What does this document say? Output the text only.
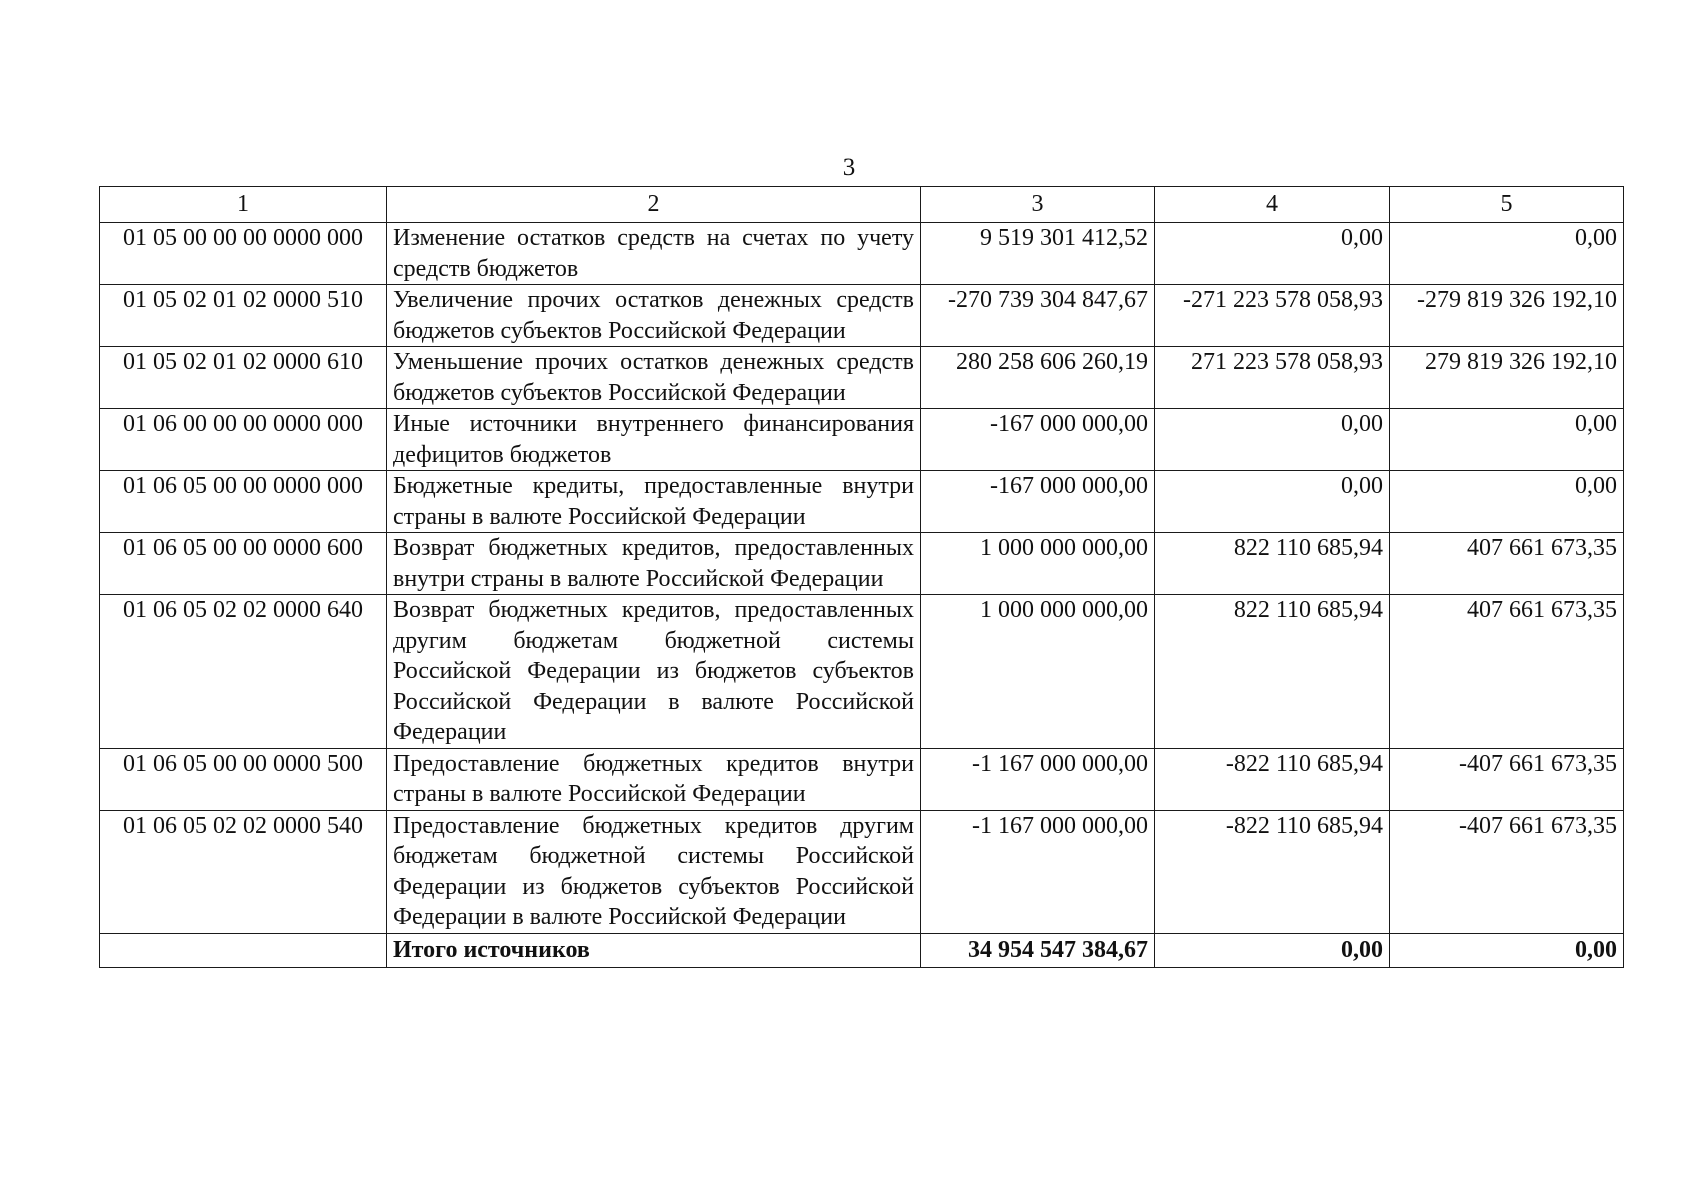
3
1	2	3	4	5
01 05 00 00 00 0000 000	Изменение остатков средств на счетах по учету средств бюджетов	9 519 301 412,52	0,00	0,00
01 05 02 01 02 0000 510	Увеличение прочих остатков денежных средств бюджетов субъектов Российской Федерации	-270 739 304 847,67	-271 223 578 058,93	-279 819 326 192,10
01 05 02 01 02 0000 610	Уменьшение прочих остатков денежных средств бюджетов субъектов Российской Федерации	280 258 606 260,19	271 223 578 058,93	279 819 326 192,10
01 06 00 00 00 0000 000	Иные источники внутреннего финансирования дефицитов бюджетов	-167 000 000,00	0,00	0,00
01 06 05 00 00 0000 000	Бюджетные кредиты, предоставленные внутри страны в валюте Российской Федерации	-167 000 000,00	0,00	0,00
01 06 05 00 00 0000 600	Возврат бюджетных кредитов, предоставленных внутри страны в валюте Российской Федерации	1 000 000 000,00	822 110 685,94	407 661 673,35
01 06 05 02 02 0000 640	Возврат бюджетных кредитов, предоставленных другим бюджетам бюджетной системы Российской Федерации из бюджетов субъектов Российской Федерации в валюте Российской Федерации	1 000 000 000,00	822 110 685,94	407 661 673,35
01 06 05 00 00 0000 500	Предоставление бюджетных кредитов внутри страны в валюте Российской Федерации	-1 167 000 000,00	-822 110 685,94	-407 661 673,35
01 06 05 02 02 0000 540	Предоставление бюджетных кредитов другим бюджетам бюджетной системы Российской Федерации из бюджетов субъектов Российской Федерации в валюте Российской Федерации	-1 167 000 000,00	-822 110 685,94	-407 661 673,35
	Итого источников	34 954 547 384,67	0,00	0,00
